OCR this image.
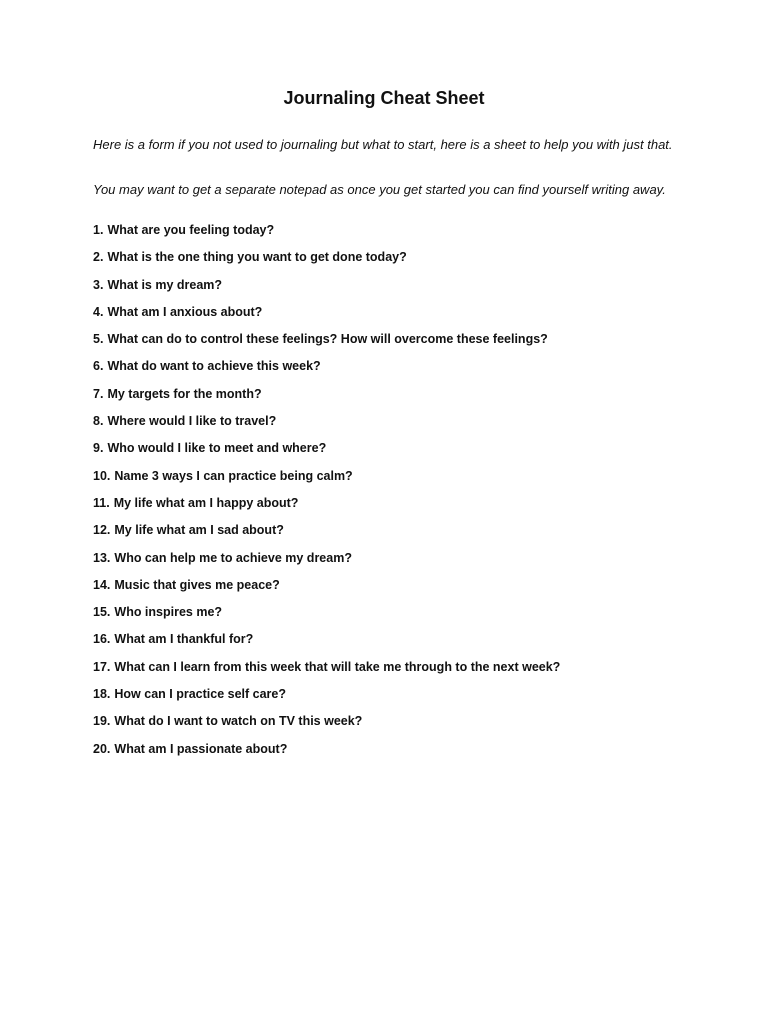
Journaling Cheat Sheet

Here is a form if you not used to journaling but what to start, here is a sheet to help you with just that.

You may want to get a separate notepad as once you get started you can find yourself writing away.

1. What are you feeling today?
2. What is the one thing you want to get done today?
3. What is my dream?
4. What am I anxious about?
5. What can do to control these feelings? How will overcome these feelings?
6. What do want to achieve this week?
7. My targets for the month?
8. Where would I like to travel?
9. Who would I like to meet and where?
10. Name 3 ways I can practice being calm?
11. My life what am I happy about?
12. My life what am I sad about?
13. Who can help me to achieve my dream?
14. Music that gives me peace?
15. Who inspires me?
16. What am I thankful for?
17. What can I learn from this week that will take me through to the next week?
18. How can I practice self care?
19. What do I want to watch on TV this week?
20. What am I passionate about?
